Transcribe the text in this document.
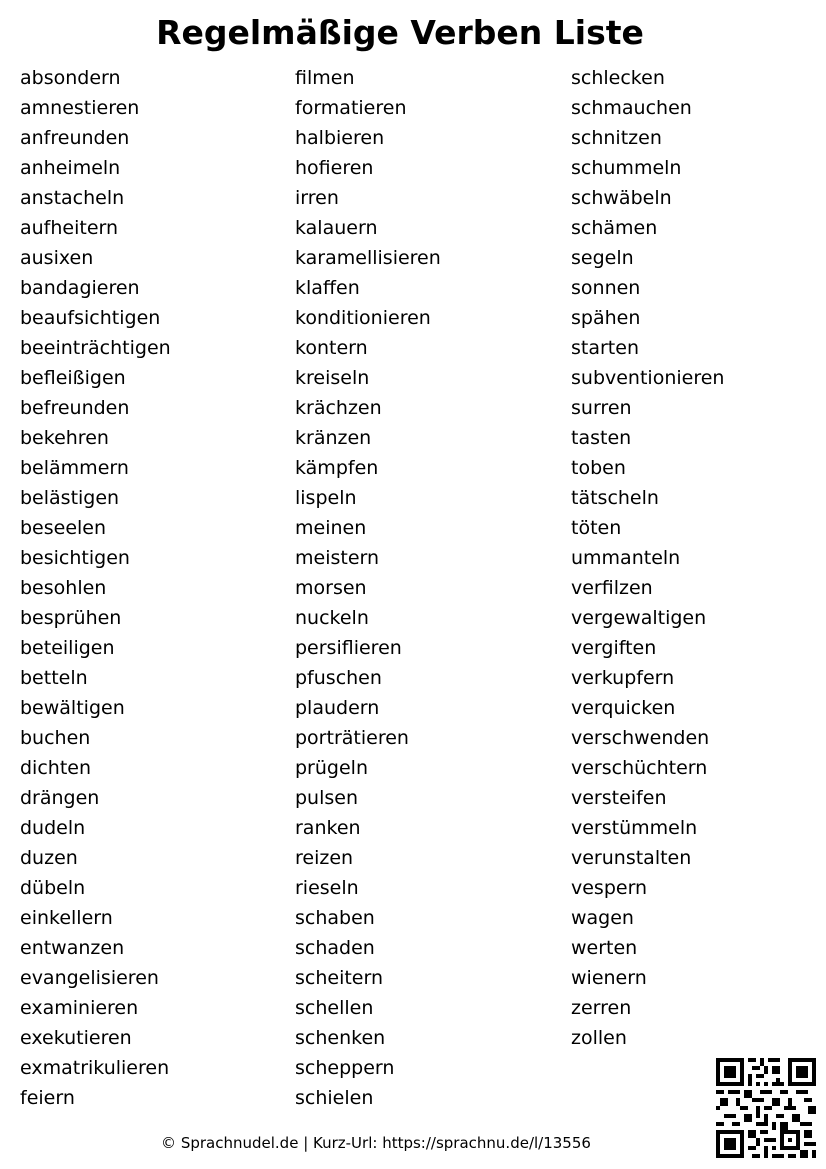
Regelmäßige Verben Liste
absondern
amnestieren
anfreunden
anheimeln
anstacheln
aufheitern
ausixen
bandagieren
beaufsichtigen
beeinträchtigen
befleißigen
befreunden
bekehren
belämmern
belästigen
beseelen
besichtigen
besohlen
besprühen
beteiligen
betteln
bewältigen
buchen
dichten
drängen
dudeln
duzen
dübeln
einkellern
entwanzen
evangelisieren
examinieren
exekutieren
exmatrikulieren
feiern
filmen
formatieren
halbieren
hofieren
irren
kalauern
karamellisieren
klaffen
konditionieren
kontern
kreiseln
krächzen
kränzen
kämpfen
lispeln
meinen
meistern
morsen
nuckeln
persiflieren
pfuschen
plaudern
porträtieren
prügeln
pulsen
ranken
reizen
rieseln
schaben
schaden
scheitern
schellen
schenken
scheppern
schielen
schlecken
schmauchen
schnitzen
schummeln
schwäbeln
schämen
segeln
sonnen
spähen
starten
subventionieren
surren
tasten
toben
tätscheln
töten
ummanteln
verfilzen
vergewaltigen
vergiften
verkupfern
verquicken
verschwenden
verschüchtern
versteifen
verstümmeln
verunstalten
vespern
wagen
werten
wienern
zerren
zollen
© Sprachnudel.de | Kurz-Url: https://sprachnu.de/l/13556
